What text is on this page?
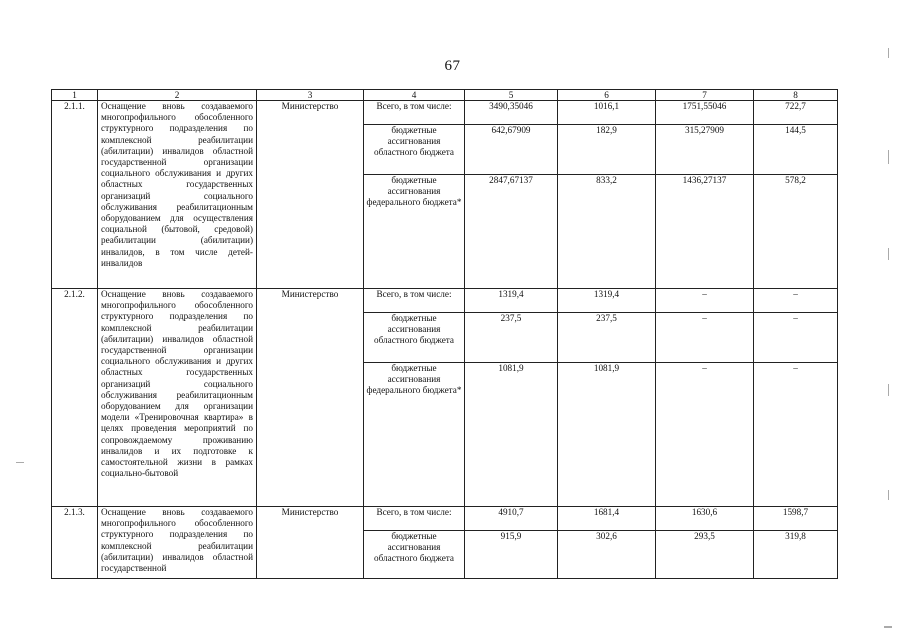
67
1	2	3	4	5	6	7	8
2.1.1.	Оснащение вновь создаваемого многопрофильного обособленного структурного подразделения по комплексной реабилитации (абилитации) инвалидов областной государственной организации социального обслуживания и других областных государственных организаций социального обслуживания реабилитационным оборудованием для осуществления социальной (бытовой, средовой) реабилитации (абилитации) инвалидов, в том числе детей-инвалидов	Министерство	Всего, в том числе:	3490,35046	1016,1	1751,55046	722,7
			бюджетные ассигнования областного бюджета	642,67909	182,9	315,27909	144,5
			бюджетные ассигнования федерального бюджета*	2847,67137	833,2	1436,27137	578,2
2.1.2.	Оснащение вновь создаваемого многопрофильного обособленного структурного подразделения по комплексной реабилитации (абилитации) инвалидов областной государственной организации социального обслуживания и других областных государственных организаций социального обслуживания реабилитационным оборудованием для организации модели «Тренировочная квартира» в целях проведения мероприятий по сопровождаемому проживанию инвалидов и их подготовке к самостоятельной жизни в рамках социально-бытовой	Министерство	Всего, в том числе:	1319,4	1319,4	–	–
			бюджетные ассигнования областного бюджета	237,5	237,5	–	–
			бюджетные ассигнования федерального бюджета*	1081,9	1081,9	–	–
2.1.3.	Оснащение вновь создаваемого многопрофильного обособленного структурного подразделения по комплексной реабилитации (абилитации) инвалидов областной государственной	Министерство	Всего, в том числе:	4910,7	1681,4	1630,6	1598,7
			бюджетные ассигнования областного бюджета	915,9	302,6	293,5	319,8
